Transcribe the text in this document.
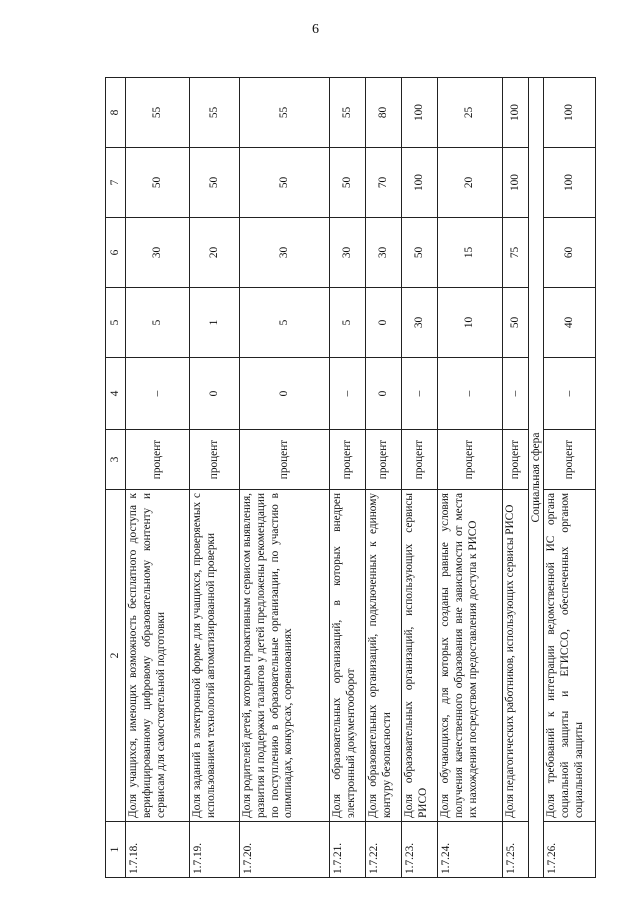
6
1	2	3	4	5	6	7	8
1.7.18.	Доля учащихся, имеющих возможность бесплатного доступа к верифицированному цифровому образовательному контенту и сервисам для самостоятельной подготовки	процент	–	5	30	50	55
1.7.19.	Доля заданий в электронной форме для учащихся, проверяемых с использованием технологий автоматизированной проверки	процент	0	1	20	50	55
1.7.20.	Доля родителей детей, которым проактивным сервисом выявления, развития и поддержки талантов у детей предложены рекомендации по поступлению в образовательные организации, по участию в олимпиадах, конкурсах, соревнованиях	процент	0	5	30	50	55
1.7.21.	Доля образовательных организаций, в которых внедрен электронный документооборот	процент	–	5	30	50	55
1.7.22.	Доля образовательных организаций, подключенных к единому контуру безопасности	процент	0	0	30	70	80
1.7.23.	Доля образовательных организаций, использующих сервисы РИСО	процент	–	30	50	100	100
1.7.24.	Доля обучающихся, для которых созданы равные условия получения качественного образования вне зависимости от места их нахождения посредством предоставления доступа к РИСО	процент	–	10	15	20	25
1.7.25.	Доля педагогических работников, использующих сервисы РИСО	процент	–	50	75	100	100
Социальная сфера							
1.7.26.	Доля требований к интеграции ведомственной ИС органа социальной защиты и ЕГИССО, обеспеченных органом социальной защиты	процент	–	40	60	100	100
